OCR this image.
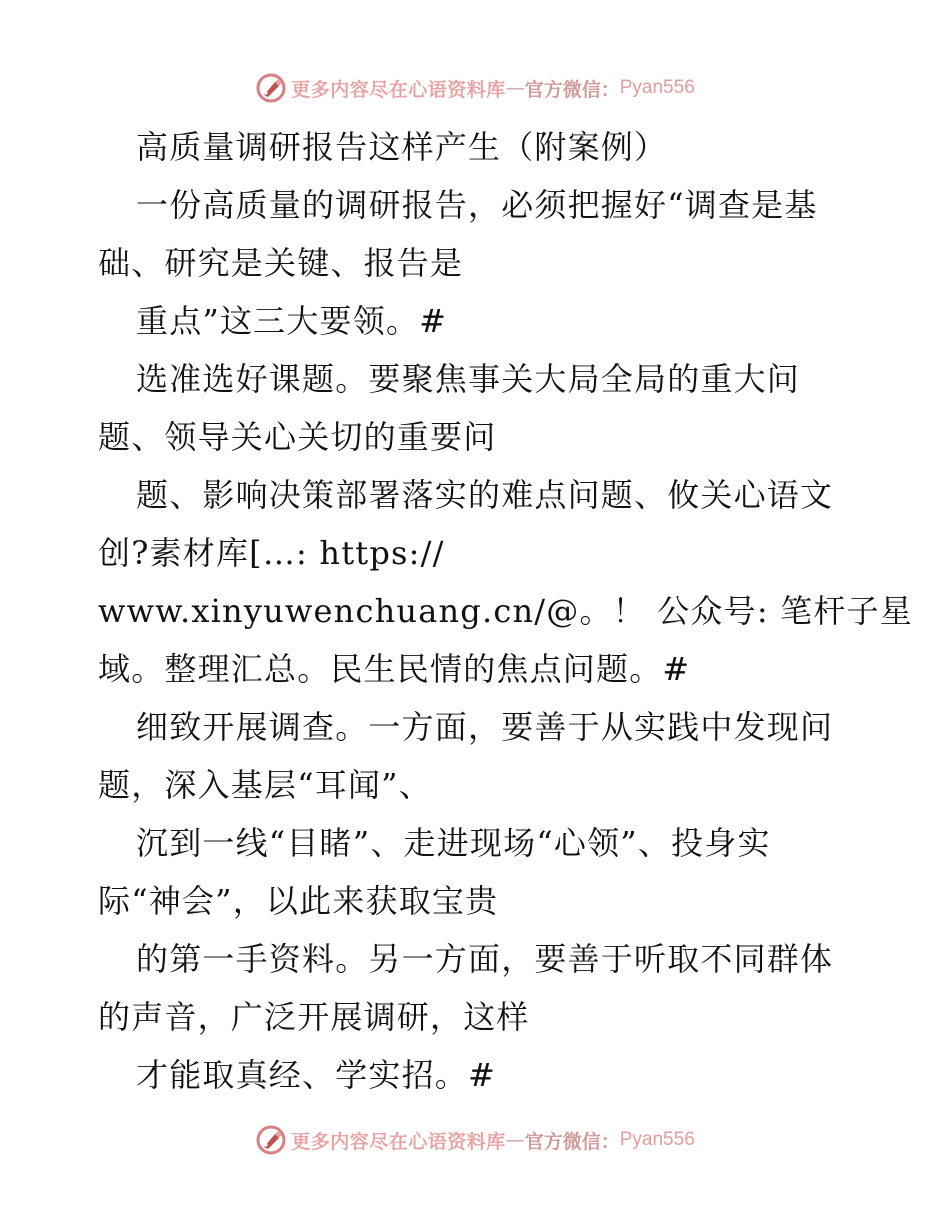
更多内容尽在心语资料库 — 官方微信： Pyan556
高质量调研报告这样产生（附案例）
一份高质量的调研报告，必须把握好“调查是基
础、研究是关键、报告是
重点”这三大要领。#
选准选好课题。要聚焦事关大局全局的重大问
题、领导关心关切的重要问
题、影响决策部署落实的难点问题、攸关心语文
创?素材库[…: https://
www.xinyuwenchuang.cn/@。！ 公众号: 笔杆子星
域。整理汇总。民生民情的焦点问题。#
细致开展调查。一方面，要善于从实践中发现问
题，深入基层“耳闻”、
沉到一线“目睹”、走进现场“心领”、投身实
际“神会”，以此来获取宝贵
的第一手资料。另一方面，要善于听取不同群体
的声音，广泛开展调研，这样
才能取真经、学实招。#
更多内容尽在心语资料库 — 官方微信： Pyan556
